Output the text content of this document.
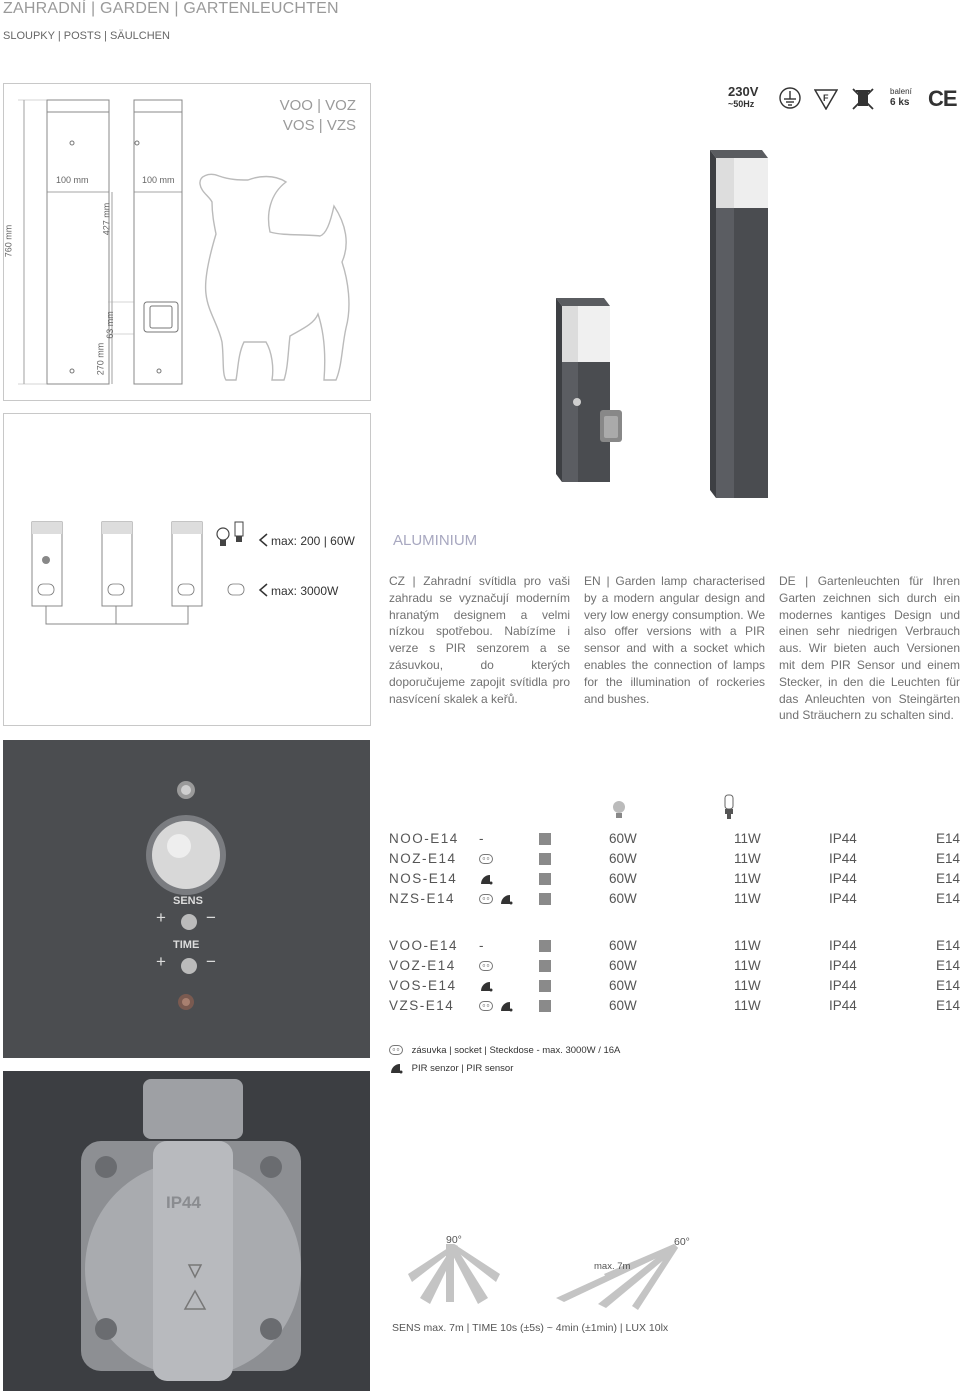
ZAHRADNÍ | GARDEN | GARTENLEUCHTEN
SLOUPKY | POSTS | SÄULCHEN
230V
~50Hz
F
balení
6 ks CE
VOO | VOZ
VOS | VZS
100 mm	100 mm
760 mm
427 mm
63 mm
270 mm
max: 200 | 60W
max: 3000W
ALUMINIUM
CZ | Zahradní svítidla pro vaši zahradu se vyznačují moderním hranatým designem a velmi nízkou spotřebou. Nabízíme i verze s PIR senzorem a se zásuvkou, do kterých doporučujeme zapojit svítidla pro nasvícení skalek a keřů.
EN | Garden lamp characterised by a modern angular design and very low energy consumption. We also offer versions with a PIR sensor and with a socket which enables the connection of lamps for the illumination of rockeries and bushes.
DE | Gartenleuchten für Ihren Garten zeichnen sich durch ein modernes kantiges Design und einen sehr niedrigen Verbrauch aus. Wir bieten auch Versionen mit dem PIR Sensor und einem Stecker, in den die Leuchten für das Anleuchten von Steingärten und Sträuchern zu schalten sind.
SENS
+ −
TIME
+ −
NOO-E14	-		60W	11W	IP44	E14
NOZ-E14	o o		60W	11W	IP44	E14
NOS-E14			60W	11W	IP44	E14
NZS-E14	o o		60W	11W	IP44	E14
VOO-E14	-		60W	11W	IP44	E14
VOZ-E14	o o		60W	11W	IP44	E14
VOS-E14			60W	11W	IP44	E14
VZS-E14	o o		60W	11W	IP44	E14
o o zásuvka | socket | Steckdose - max. 3000W / 16A
PIR senzor | PIR sensor
IP44
90°	60°
max. 7m
SENS max. 7m | TIME 10s (±5s) ~ 4min (±1min) | LUX 10lx
